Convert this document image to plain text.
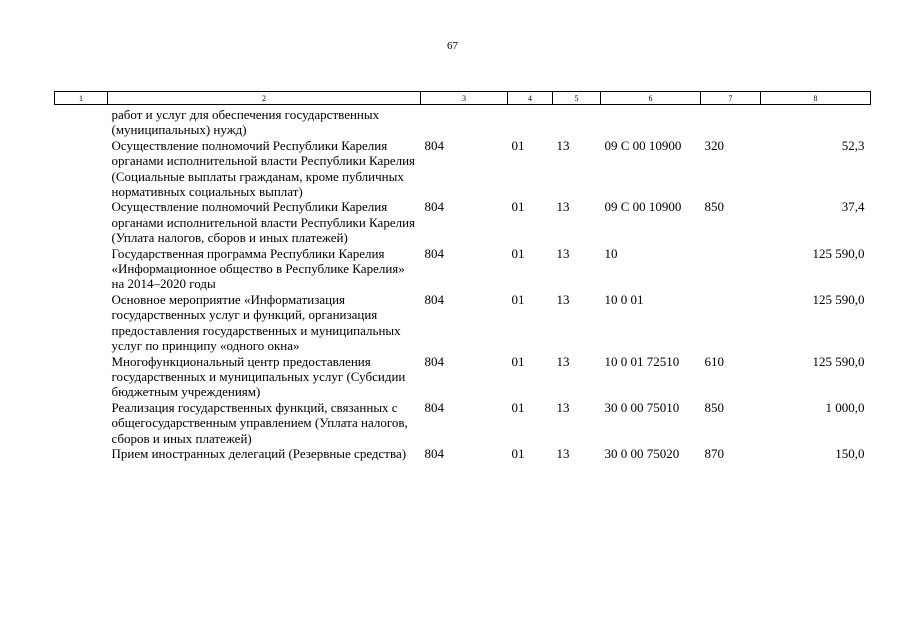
67
1	2	3	4	5	6	7	8
	работ и услуг для обеспечения государственных (муниципальных) нужд)						
	Осуществление полномочий Республики Карелия органами исполнительной власти Республики Карелия (Социальные выплаты гражданам, кроме публичных нормативных социальных выплат)	804	01	13	09 С 00 10900	320	52,3
	Осуществление полномочий Республики Карелия органами исполнительной власти Республики Карелия (Уплата налогов, сборов и иных платежей)	804	01	13	09 С 00 10900	850	37,4
	Государственная программа Республики Карелия «Информационное общество в Республике Карелия» на 2014–2020 годы	804	01	13	10		125 590,0
	Основное мероприятие «Информатизация государственных услуг и функций, организация предоставления государственных и муниципальных услуг по принципу «одного окна»	804	01	13	10 0 01		125 590,0
	Многофункциональный центр предоставления государственных и муниципальных услуг (Субсидии бюджетным учреждениям)	804	01	13	10 0 01 72510	610	125 590,0
	Реализация государственных функций, связанных с общегосударственным управлением (Уплата налогов, сборов и иных платежей)	804	01	13	30 0 00 75010	850	1 000,0
	Прием иностранных делегаций (Резервные средства)	804	01	13	30 0 00 75020	870	150,0
